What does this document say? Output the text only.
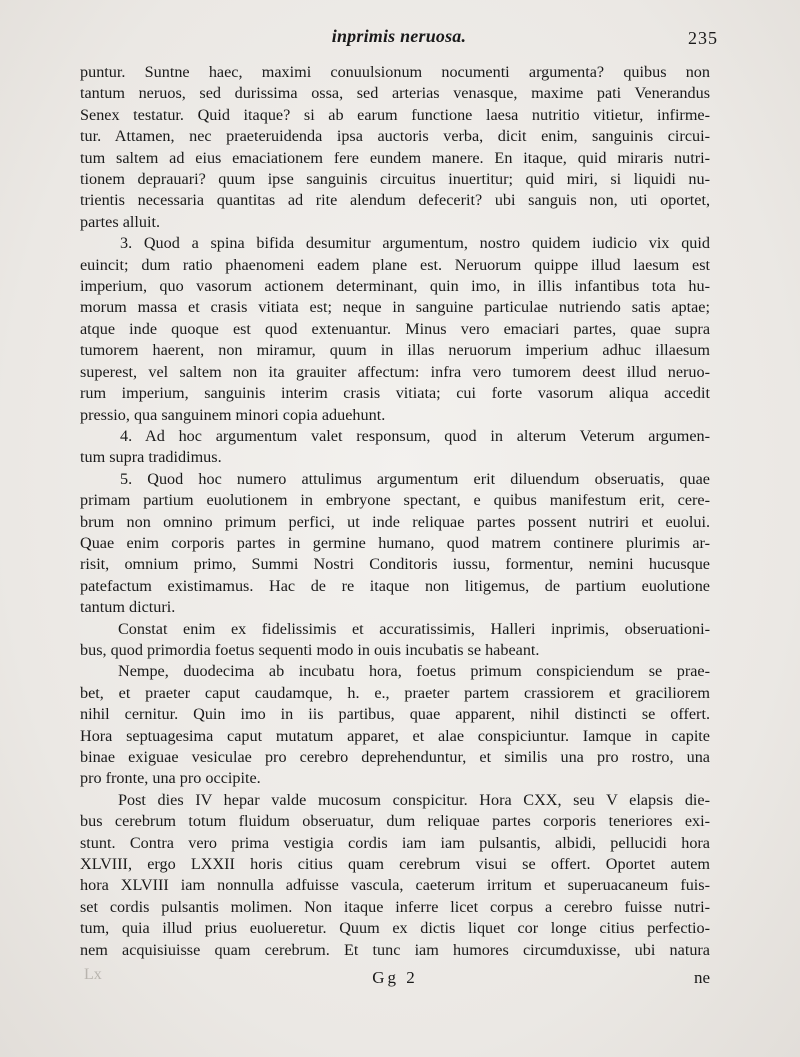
inprimis neruosa.	235
puntur. Suntne haec, maximi conuulsionum nocumenti argumenta? quibus non
tantum neruos, sed durissima ossa, sed arterias venasque, maxime pati Venerandus
Senex testatur. Quid itaque? si ab earum functione laesa nutritio vitietur, infirme-
tur. Attamen, nec praeteruidenda ipsa auctoris verba, dicit enim, sanguinis circui-
tum saltem ad eius emaciationem fere eundem manere. En itaque, quid miraris nutri-
tionem deprauari? quum ipse sanguinis circuitus inuertitur; quid miri, si liquidi nu-
trientis necessaria quantitas ad rite alendum defecerit? ubi sanguis non, uti oportet,
partes alluit.
3. Quod a spina bifida desumitur argumentum, nostro quidem iudicio vix quid
euincit; dum ratio phaenomeni eadem plane est. Neruorum quippe illud laesum est
imperium, quo vasorum actionem determinant, quin imo, in illis infantibus tota hu-
morum massa et crasis vitiata est; neque in sanguine particulae nutriendo satis aptae;
atque inde quoque est quod extenuantur. Minus vero emaciari partes, quae supra
tumorem haerent, non miramur, quum in illas neruorum imperium adhuc illaesum
superest, vel saltem non ita grauiter affectum: infra vero tumorem deest illud neruo-
rum imperium, sanguinis interim crasis vitiata; cui forte vasorum aliqua accedit
pressio, qua sanguinem minori copia aduehunt.
4. Ad hoc argumentum valet responsum, quod in alterum Veterum argumen-
tum supra tradidimus.
5. Quod hoc numero attulimus argumentum erit diluendum obseruatis, quae
primam partium euolutionem in embryone spectant, e quibus manifestum erit, cere-
brum non omnino primum perfici, ut inde reliquae partes possent nutriri et euolui.
Quae enim corporis partes in germine humano, quod matrem continere plurimis ar-
risit, omnium primo, Summi Nostri Conditoris iussu, formentur, nemini hucusque
patefactum existimamus. Hac de re itaque non litigemus, de partium euolutione
tantum dicturi.
Constat enim ex fidelissimis et accuratissimis, Halleri inprimis, obseruationi-
bus, quod primordia foetus sequenti modo in ouis incubatis se habeant.
Nempe, duodecima ab incubatu hora, foetus primum conspiciendum se prae-
bet, et praeter caput caudamque, h. e., praeter partem crassiorem et graciliorem
nihil cernitur. Quin imo in iis partibus, quae apparent, nihil distincti se offert.
Hora septuagesima caput mutatum apparet, et alae conspiciuntur. Iamque in capite
binae exiguae vesiculae pro cerebro deprehenduntur, et similis una pro rostro, una
pro fronte, una pro occipite.
Post dies IV hepar valde mucosum conspicitur. Hora CXX, seu V elapsis die-
bus cerebrum totum fluidum obseruatur, dum reliquae partes corporis teneriores exi-
stunt. Contra vero prima vestigia cordis iam iam pulsantis, albidi, pellucidi hora
XLVIII, ergo LXXII horis citius quam cerebrum visui se offert. Oportet autem
hora XLVIII iam nonnulla adfuisse vascula, caeterum irritum et superuacaneum fuis-
set cordis pulsantis molimen. Non itaque inferre licet corpus a cerebro fuisse nutri-
tum, quia illud prius euolueretur. Quum ex dictis liquet cor longe citius perfectio-
nem acquisiuisse quam cerebrum. Et tunc iam humores circumduxisse, ubi natura
Lx	Gg 2	ne
